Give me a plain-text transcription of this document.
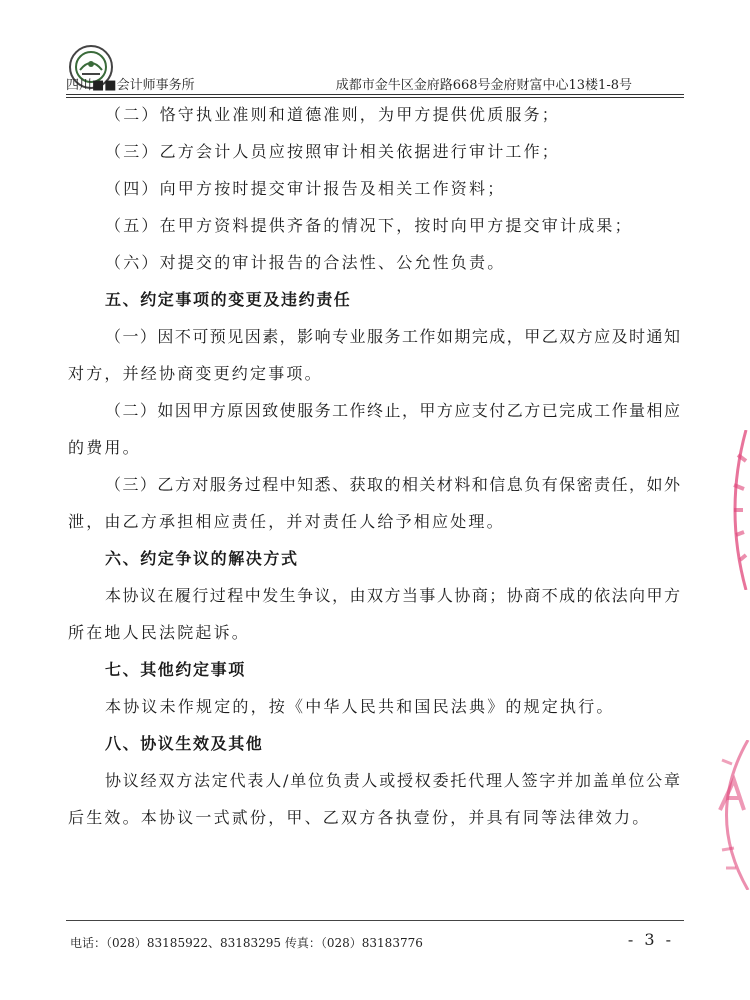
四川■■会计师事务所	成都市金牛区金府路668号金府财富中心13楼1-8号
（二）恪守执业准则和道德准则，为甲方提供优质服务；
（三）乙方会计人员应按照审计相关依据进行审计工作；
（四）向甲方按时提交审计报告及相关工作资料；
（五）在甲方资料提供齐备的情况下，按时向甲方提交审计成果；
（六）对提交的审计报告的合法性、公允性负责。
五、约定事项的变更及违约责任
（一）因不可预见因素，影响专业服务工作如期完成，甲乙双方应及时通知
对方，并经协商变更约定事项。
（二）如因甲方原因致使服务工作终止，甲方应支付乙方已完成工作量相应
的费用。
（三）乙方对服务过程中知悉、获取的相关材料和信息负有保密责任，如外
泄，由乙方承担相应责任，并对责任人给予相应处理。
六、约定争议的解决方式
本协议在履行过程中发生争议，由双方当事人协商；协商不成的依法向甲方
所在地人民法院起诉。
七、其他约定事项
本协议未作规定的，按《中华人民共和国民法典》的规定执行。
八、协议生效及其他
协议经双方法定代表人/单位负责人或授权委托代理人签字并加盖单位公章
后生效。本协议一式贰份，甲、乙双方各执壹份，并具有同等法律效力。
电话：（028）83185922、83183295 传真：（028）83183776	- 3 -
